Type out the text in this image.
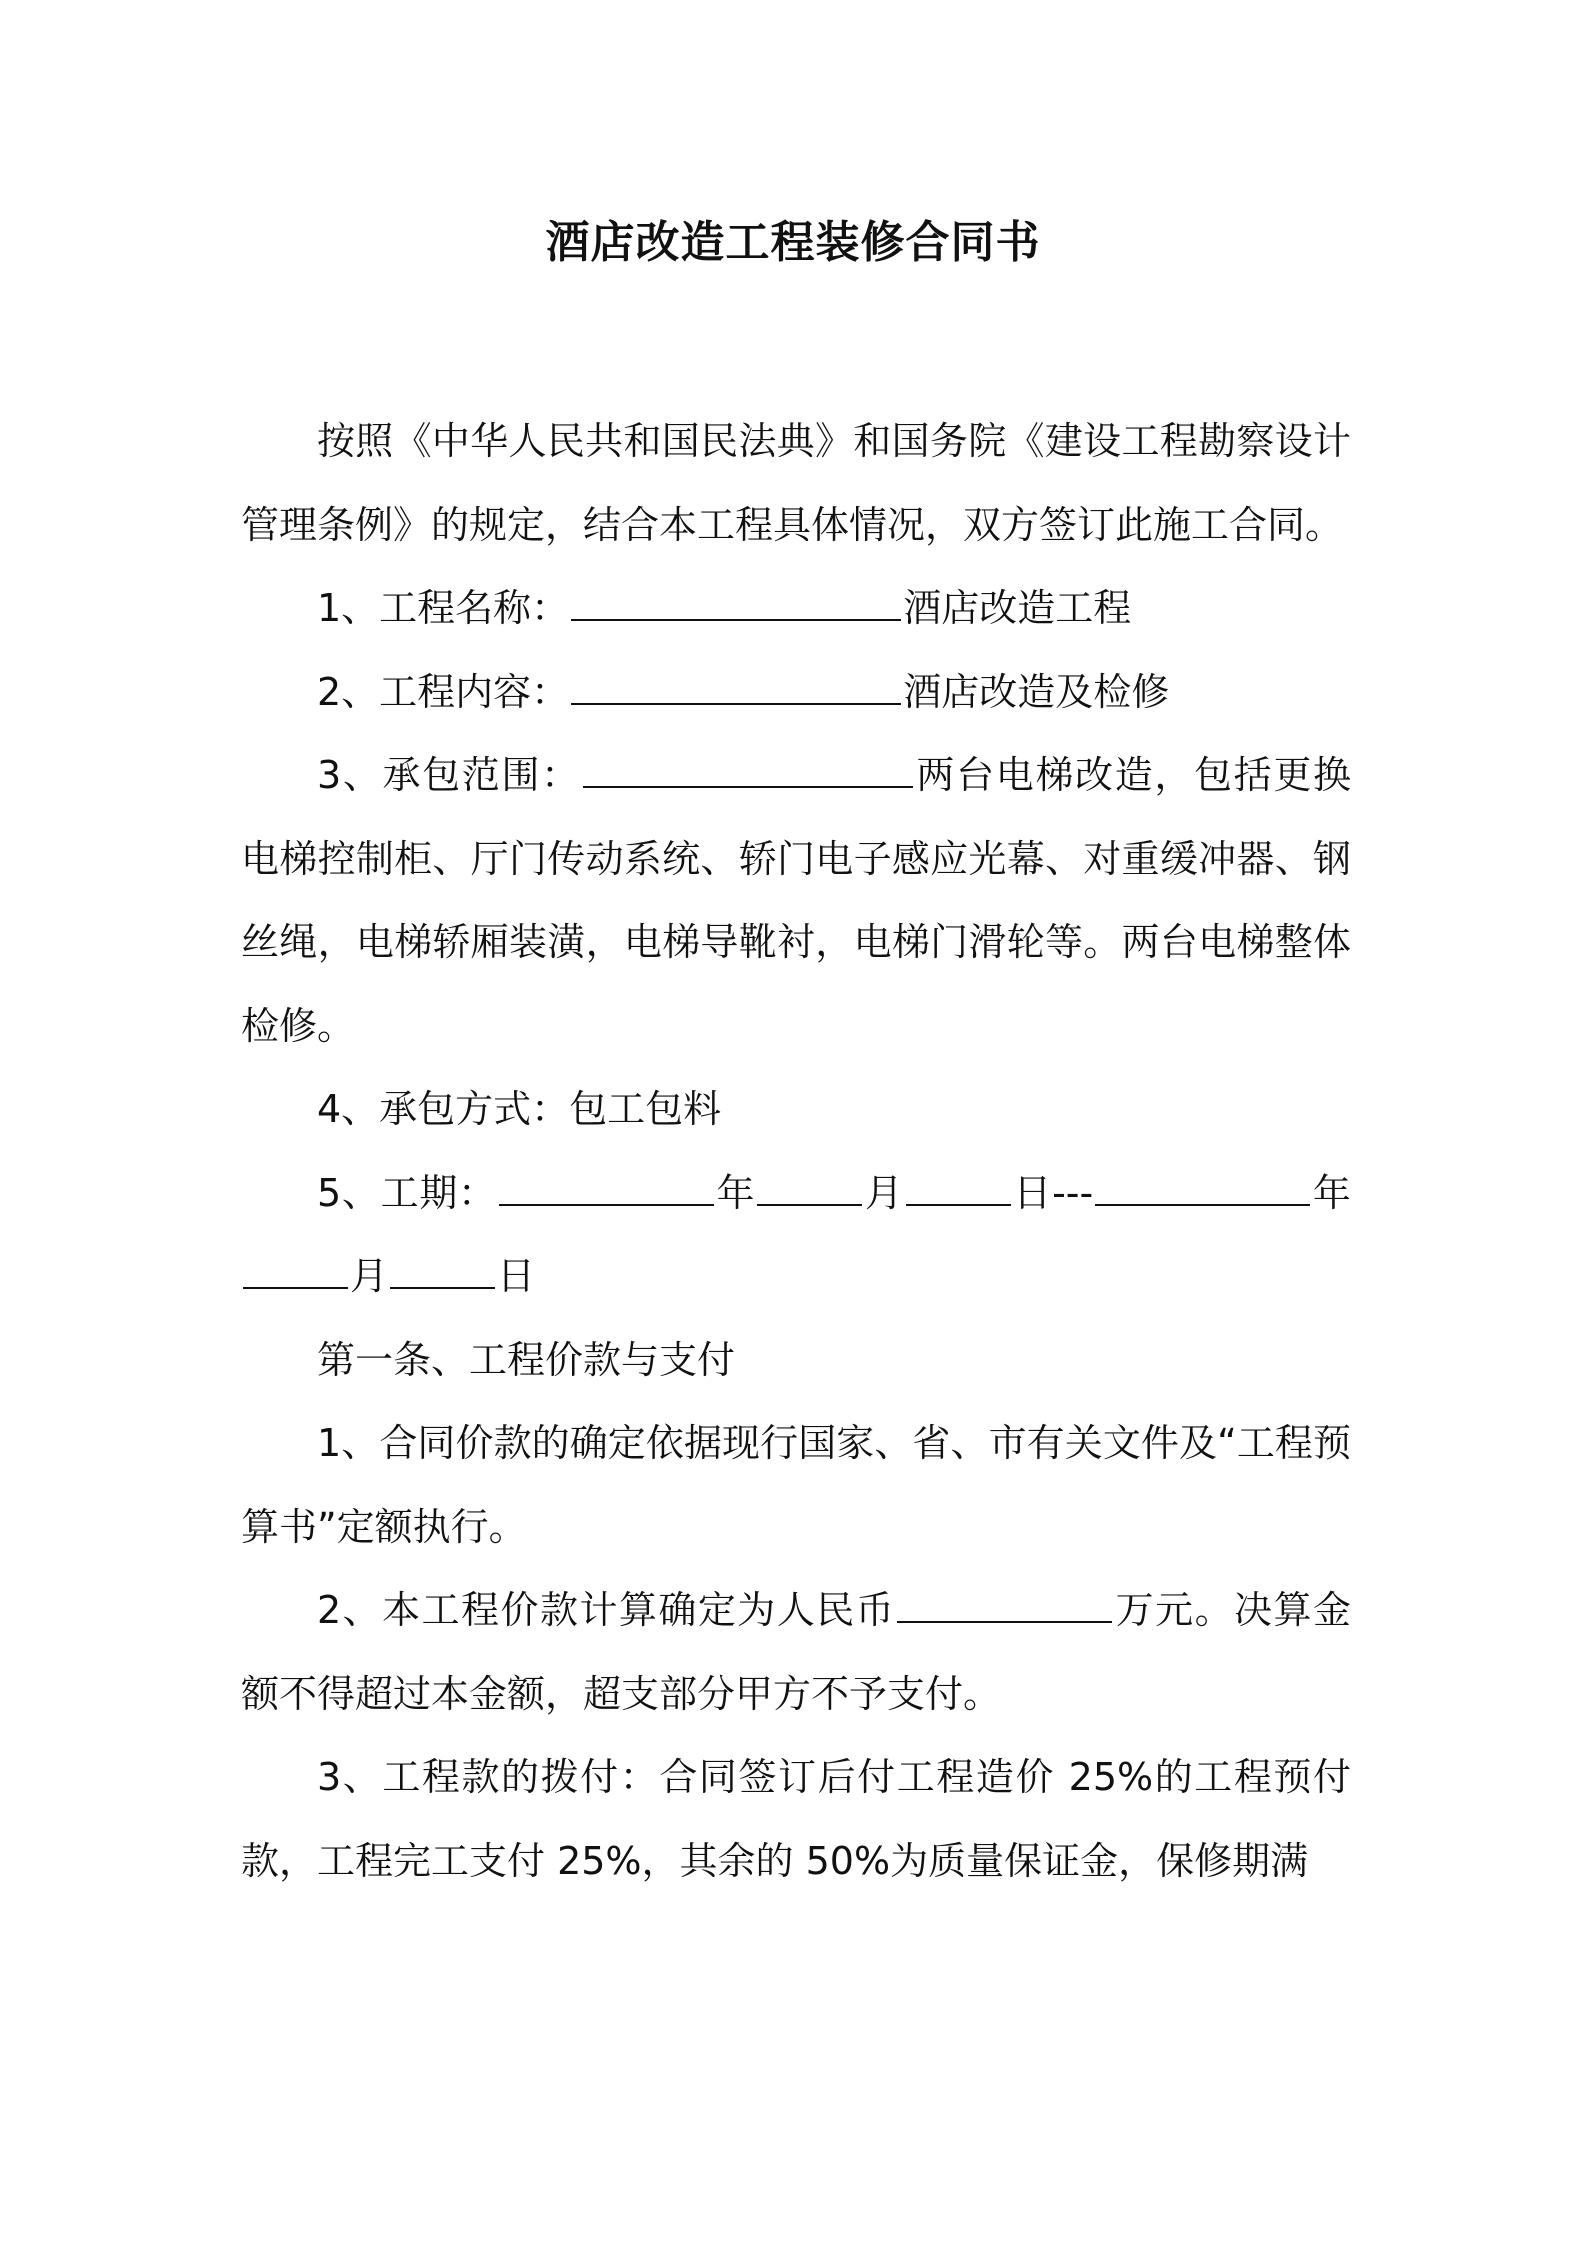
酒店改造工程装修合同书

按照《中华人民共和国民法典》和国务院《建设工程勘察设计管理条例》的规定，结合本工程具体情况，双方签订此施工合同。

1、工程名称：	酒店改造工程

2、工程内容：	酒店改造及检修

3、承包范围：	两台电梯改造，包括更换电梯控制柜、厅门传动系统、轿门电子感应光幕、对重缓冲器、钢丝绳，电梯轿厢装潢，电梯导靴衬，电梯门滑轮等。两台电梯整体检修。

4、承包方式：包工包料

5、工期：	年	月	日---	年月	日

第一条、工程价款与支付

1、合同价款的确定依据现行国家、省、市有关文件及“工程预算书”定额执行。

2、本工程价款计算确定为人民币	万元。决算金额不得超过本金额，超支部分甲方不予支付。

3、工程款的拨付：合同签订后付工程造价 25%的工程预付款，工程完工支付 25%，其余的 50%为质量保证金，保修期满
